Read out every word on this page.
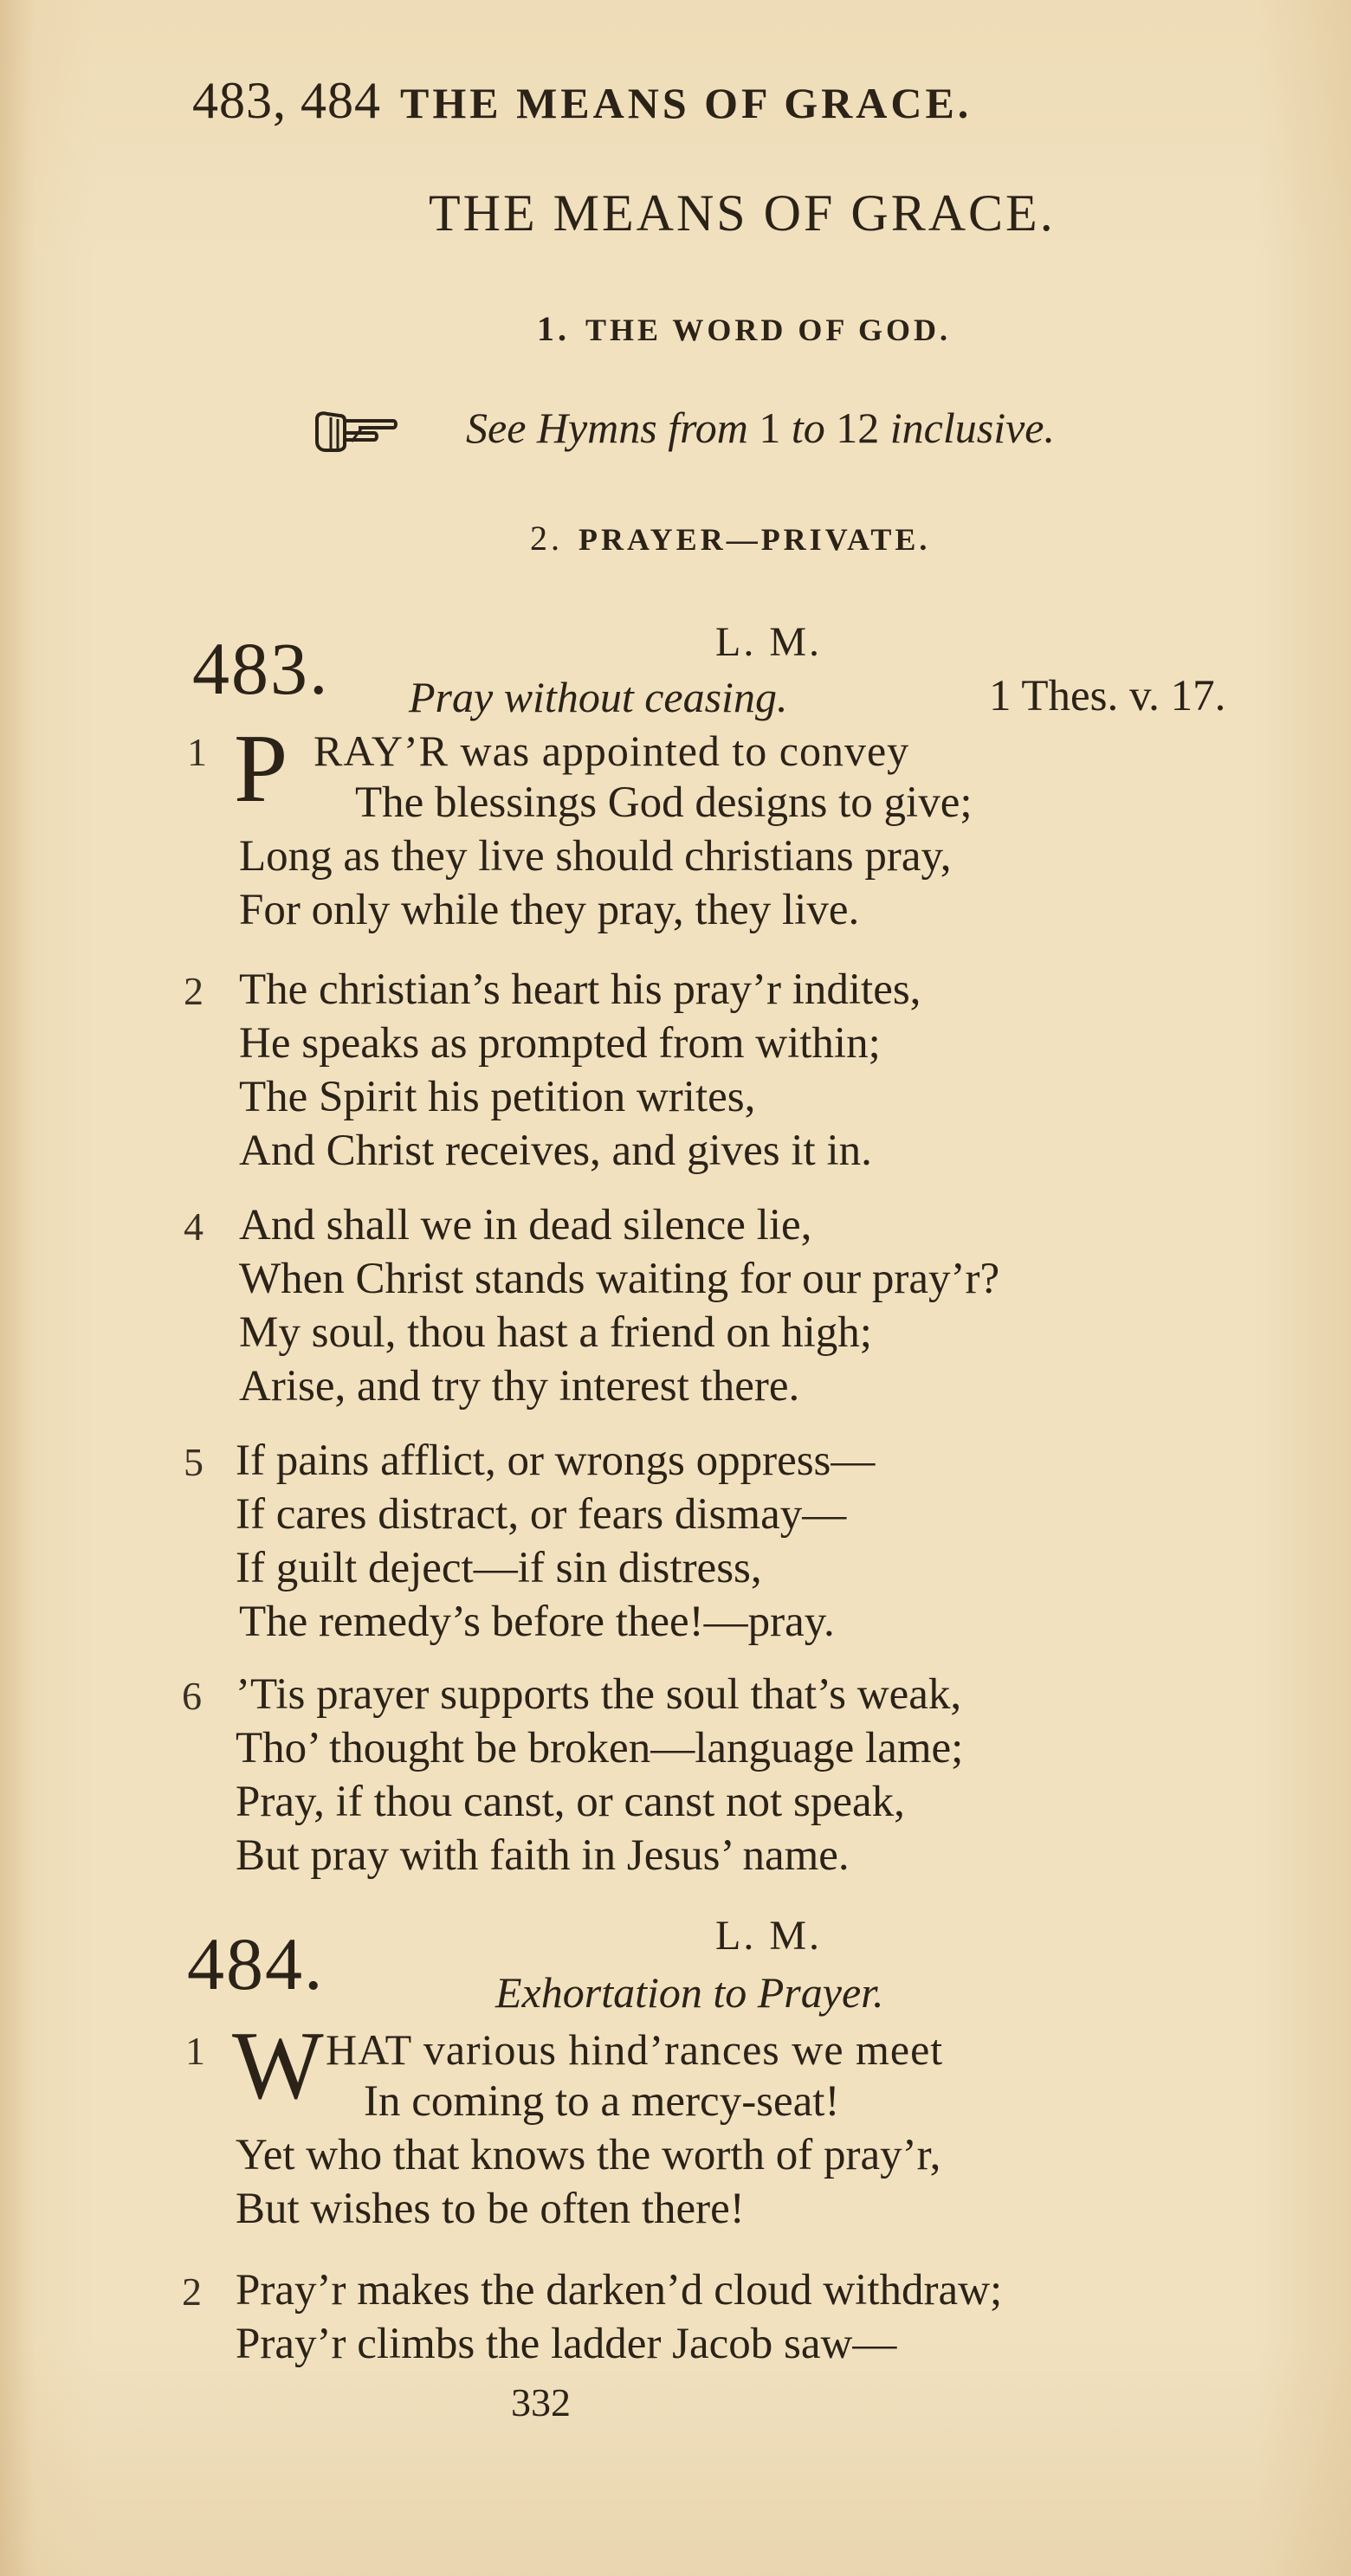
483, 484 THE MEANS OF GRACE.
THE MEANS OF GRACE.
1. THE WORD OF GOD.
See Hymns from 1 to 12 inclusive.
2. PRAYER—PRIVATE.
L. M.
483. Pray without ceasing.	1 Thes. v. 17.
1 P RAY’R was appointed to convey
The blessings God designs to give;
Long as they live should christians pray,
For only while they pray, they live.
2 The christian’s heart his pray’r indites,
He speaks as prompted from within;
The Spirit his petition writes,
And Christ receives, and gives it in.
4 And shall we in dead silence lie,
When Christ stands waiting for our pray’r?
My soul, thou hast a friend on high;
Arise, and try thy interest there.
5 If pains afflict, or wrongs oppress—
If cares distract, or fears dismay—
If guilt deject—if sin distress,
The remedy’s before thee!—pray.
6 ’Tis prayer supports the soul that’s weak,
Tho’ thought be broken—language lame;
Pray, if thou canst, or canst not speak,
But pray with faith in Jesus’ name.
L. M.
484.	Exhortation to Prayer.
1 W HAT various hind’rances we meet
In coming to a mercy-seat!
Yet who that knows the worth of pray’r,
But wishes to be often there!
2 Pray’r makes the darken’d cloud withdraw;
Pray’r climbs the ladder Jacob saw—
332
